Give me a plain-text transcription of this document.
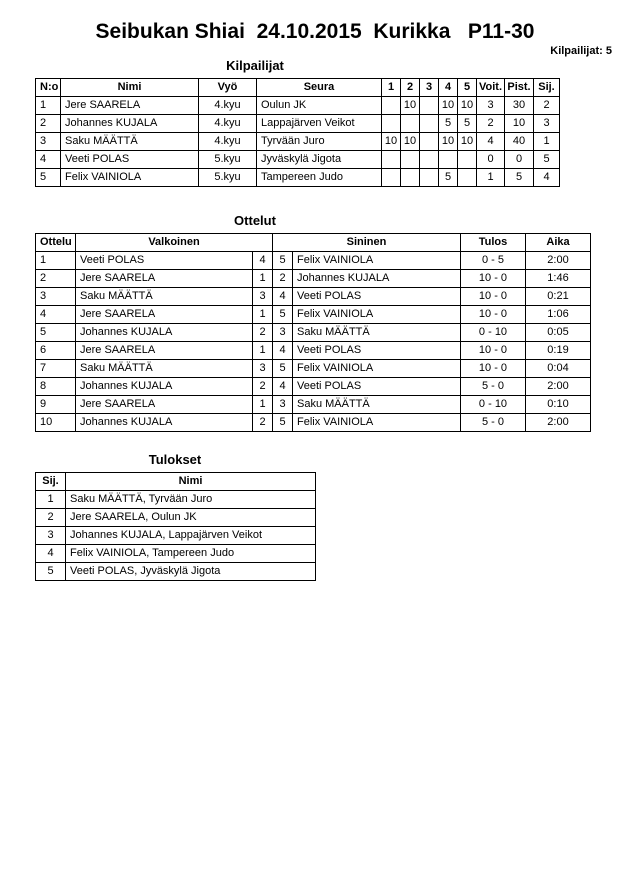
Seibukan Shiai  24.10.2015  Kurikka   P11-30
Kilpailijat: 5
Kilpailijat
N:o	Nimi	Vyö	Seura	1	2	3	4	5	Voit.	Pist.	Sij.
1	Jere SAARELA	4.kyu	Oulun JK		10		10	10	3	30	2
2	Johannes KUJALA	4.kyu	Lappajärven Veikot				5	5	2	10	3
3	Saku MÄÄTTÄ	4.kyu	Tyrvään Juro	10	10		10	10	4	40	1
4	Veeti POLAS	5.kyu	Jyväskylä Jigota						0	0	5
5	Felix VAINIOLA	5.kyu	Tampereen Judo				5		1	5	4
Ottelut
Ottelu	Valkoinen		Sininen		Tulos	Aika
1	Veeti POLAS	4	5	Felix VAINIOLA	0 - 5	2:00
2	Jere SAARELA	1	2	Johannes KUJALA	10 - 0	1:46
3	Saku MÄÄTTÄ	3	4	Veeti POLAS	10 - 0	0:21
4	Jere SAARELA	1	5	Felix VAINIOLA	10 - 0	1:06
5	Johannes KUJALA	2	3	Saku MÄÄTTÄ	0 - 10	0:05
6	Jere SAARELA	1	4	Veeti POLAS	10 - 0	0:19
7	Saku MÄÄTTÄ	3	5	Felix VAINIOLA	10 - 0	0:04
8	Johannes KUJALA	2	4	Veeti POLAS	5 - 0	2:00
9	Jere SAARELA	1	3	Saku MÄÄTTÄ	0 - 10	0:10
10	Johannes KUJALA	2	5	Felix VAINIOLA	5 - 0	2:00
Tulokset
Sij.	Nimi
1	Saku MÄÄTTÄ, Tyrvään Juro
2	Jere SAARELA, Oulun JK
3	Johannes KUJALA, Lappajärven Veikot
4	Felix VAINIOLA, Tampereen Judo
5	Veeti POLAS, Jyväskylä Jigota
